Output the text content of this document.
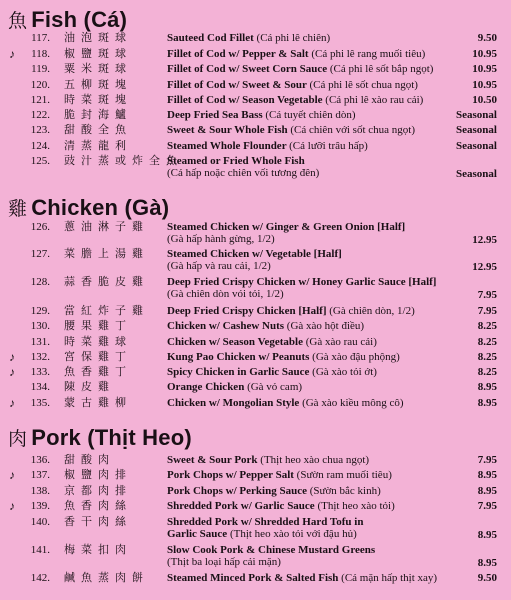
魚 Fish (Cá)
117. 油泡斑球	Sauteed Cod Fillet (Cá phi lê chiên)	9.50
♪	118. 椒鹽斑球	Fillet of Cod w/ Pepper & Salt (Cá phi lê rang muối tiêu)	10.95
119. 粟米斑球	Fillet of Cod w/ Sweet Corn Sauce (Cá phi lê sốt bắp ngọt)	10.95
120. 五柳斑塊	Fillet of Cod w/ Sweet & Sour (Cá phi lê sốt chua ngọt)	10.95
121. 時菜斑塊	Fillet of Cod w/ Season Vegetable (Cá phi lê xào rau cải)	10.50
122. 脆封海鱸	Deep Fried Sea Bass (Cá tuyết chiên dòn)	Seasonal
123. 甜酸全魚	Sweet & Sour Whole Fish (Cá chiên với sốt chua ngọt)	Seasonal
124. 清蒸龍利	Steamed Whole Flounder (Cá lưỡi trâu hấp)	Seasonal
125. 豉汁蒸或炸全魚
Steamed or Fried Whole Fish
(Cá hấp noặc chiên vối tương đên)	Seasonal
雞 Chicken (Gà)
126. 蔥油淋子雞	Steamed Chicken w/ Ginger & Green Onion [Half]
(Gà hấp hành gừng, 1/2)	12.95
127. 菜膽上湯雞	Steamed Chicken w/ Vegetable [Half]
(Gà hấp và rau cải, 1/2)	12.95
128. 蒜香脆皮雞	Deep Fried Crispy Chicken w/ Honey Garlic Sauce [Half]
(Gà chiên dòn vói tỏi, 1/2)	7.95
129. 當紅炸子雞	Deep Fried Crispy Chicken [Half] (Gà chiên dòn, 1/2)	7.95
130. 腰果雞丁	Chicken w/ Cashew Nuts (Gà xào hột điều)	8.25
131. 時菜雞球	Chicken w/ Season Vegetable (Gà xào rau cải)	8.25
♪	132. 宮保雞丁	Kung Pao Chicken w/ Peanuts (Gà xào đậu phộng)	8.25
♪	133. 魚香雞丁	Spicy Chicken in Garlic Sauce (Gà xào tỏi ớt)	8.25
134. 陳皮雞	Orange Chicken (Gà vỏ cam)	8.95
♪	135. 蒙古雞柳	Chicken w/ Mongolian Style (Gà xào kiều mông cô)	8.95
肉 Pork (Thịt Heo)
136. 甜酸肉	Sweet & Sour Pork (Thịt heo xào chua ngọt)	7.95
♪	137. 椒鹽肉排	Pork Chops w/ Pepper Salt (Sườn ram muối tiêu)	8.95
138. 京都肉排	Pork Chops w/ Perking Sauce (Sườn bắc kinh)	8.95
♪	139. 魚香肉絲	Shredded Pork w/ Garlic Sauce (Thịt heo xào tỏi)	7.95
140. 香干肉絲	Shredded Pork w/ Shredded Hard Tofu in
Garlic Sauce (Thịt heo xào tỏi với đậu hủ)	8.95
141. 梅菜扣肉	Slow Cook Pork & Chinese Mustard Greens
(Thịt ba loại hấp cải mặn)	8.95
142. 鹹魚蒸肉餅	Steamed Minced Pork & Salted Fish (Cá mặn hấp thịt xay)	9.50
